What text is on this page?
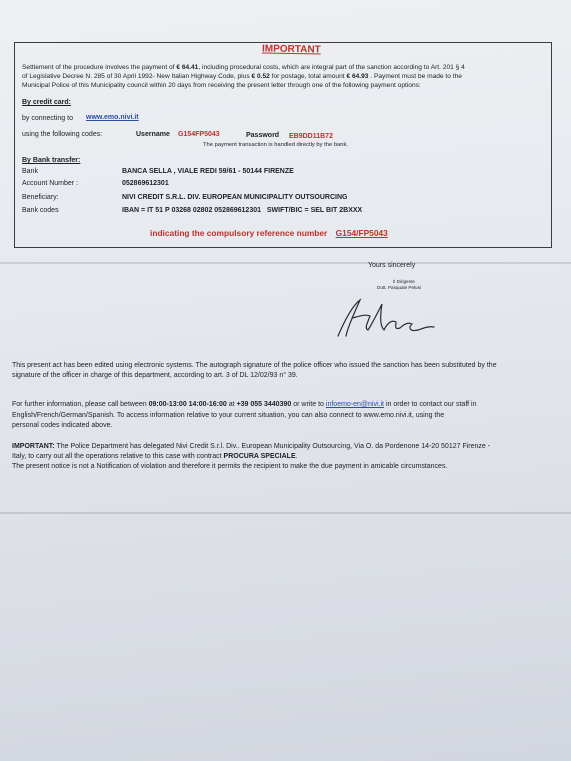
IMPORTANT
Settlement of the procedure involves the payment of € 64.41, including procedural costs, which are integral part of the sanction according to Art. 201 § 4
of Legislative Decree N. 285 of 30 April 1992- New Italian Highway Code, plus € 0.52 for postage, total amount € 64.93 . Payment must be made to the
Municipal Police of this Municipality council within 20 days from receiving the present letter through one of the following payment options:
By credit card:
by connecting to www.emo.nivi.it
using the following codes:	Username G154FP5043	Password EB9DD11B72
The payment transaction is handled directly by the bank.
By Bank transfer:
Bank	BANCA SELLA , VIALE REDI 59/61 - 50144 FIRENZE
Account Number :	052869612301
Beneficiary:	NIVI CREDIT S.R.L. DIV. EUROPEAN MUNICIPALITY OUTSOURCING
Bank codes	IBAN = IT 51 P 03268 02802 052869612301   SWIFT/BIC = SEL BIT 2BXXX
indicating the compulsory reference number G154/FP5043
Yours sincerely
Il Dirigente
Dott. Pasquale Pelusi
This present act has been edited using electronic systems. The autograph signature of the police officer who issued the sanction has been substituted by the
signature of the officer in charge of this department, according to art. 3 of DL 12/02/93 n° 39.
For further information, please call between 09:00-13:00 14:00-16:00 at +39 055 3440390 or write to infoemo-en@nivi.it in order to contact our staff in
English/French/German/Spanish. To access information relative to your current situation, you can also connect to www.emo.nivi.it, using the
personal codes indicated above.
IMPORTANT: The Police Department has delegated Nivi Credit S.r.l. Div.. European Municipality Outsourcing, Via O. da Pordenone 14-20 50127 Firenze -
Italy, to carry out all the operations relative to this case with contract PROCURA SPECIALE.
The present notice is not a Notification of violation and therefore it permits the recipient to make the due payment in amicable circumstances.
